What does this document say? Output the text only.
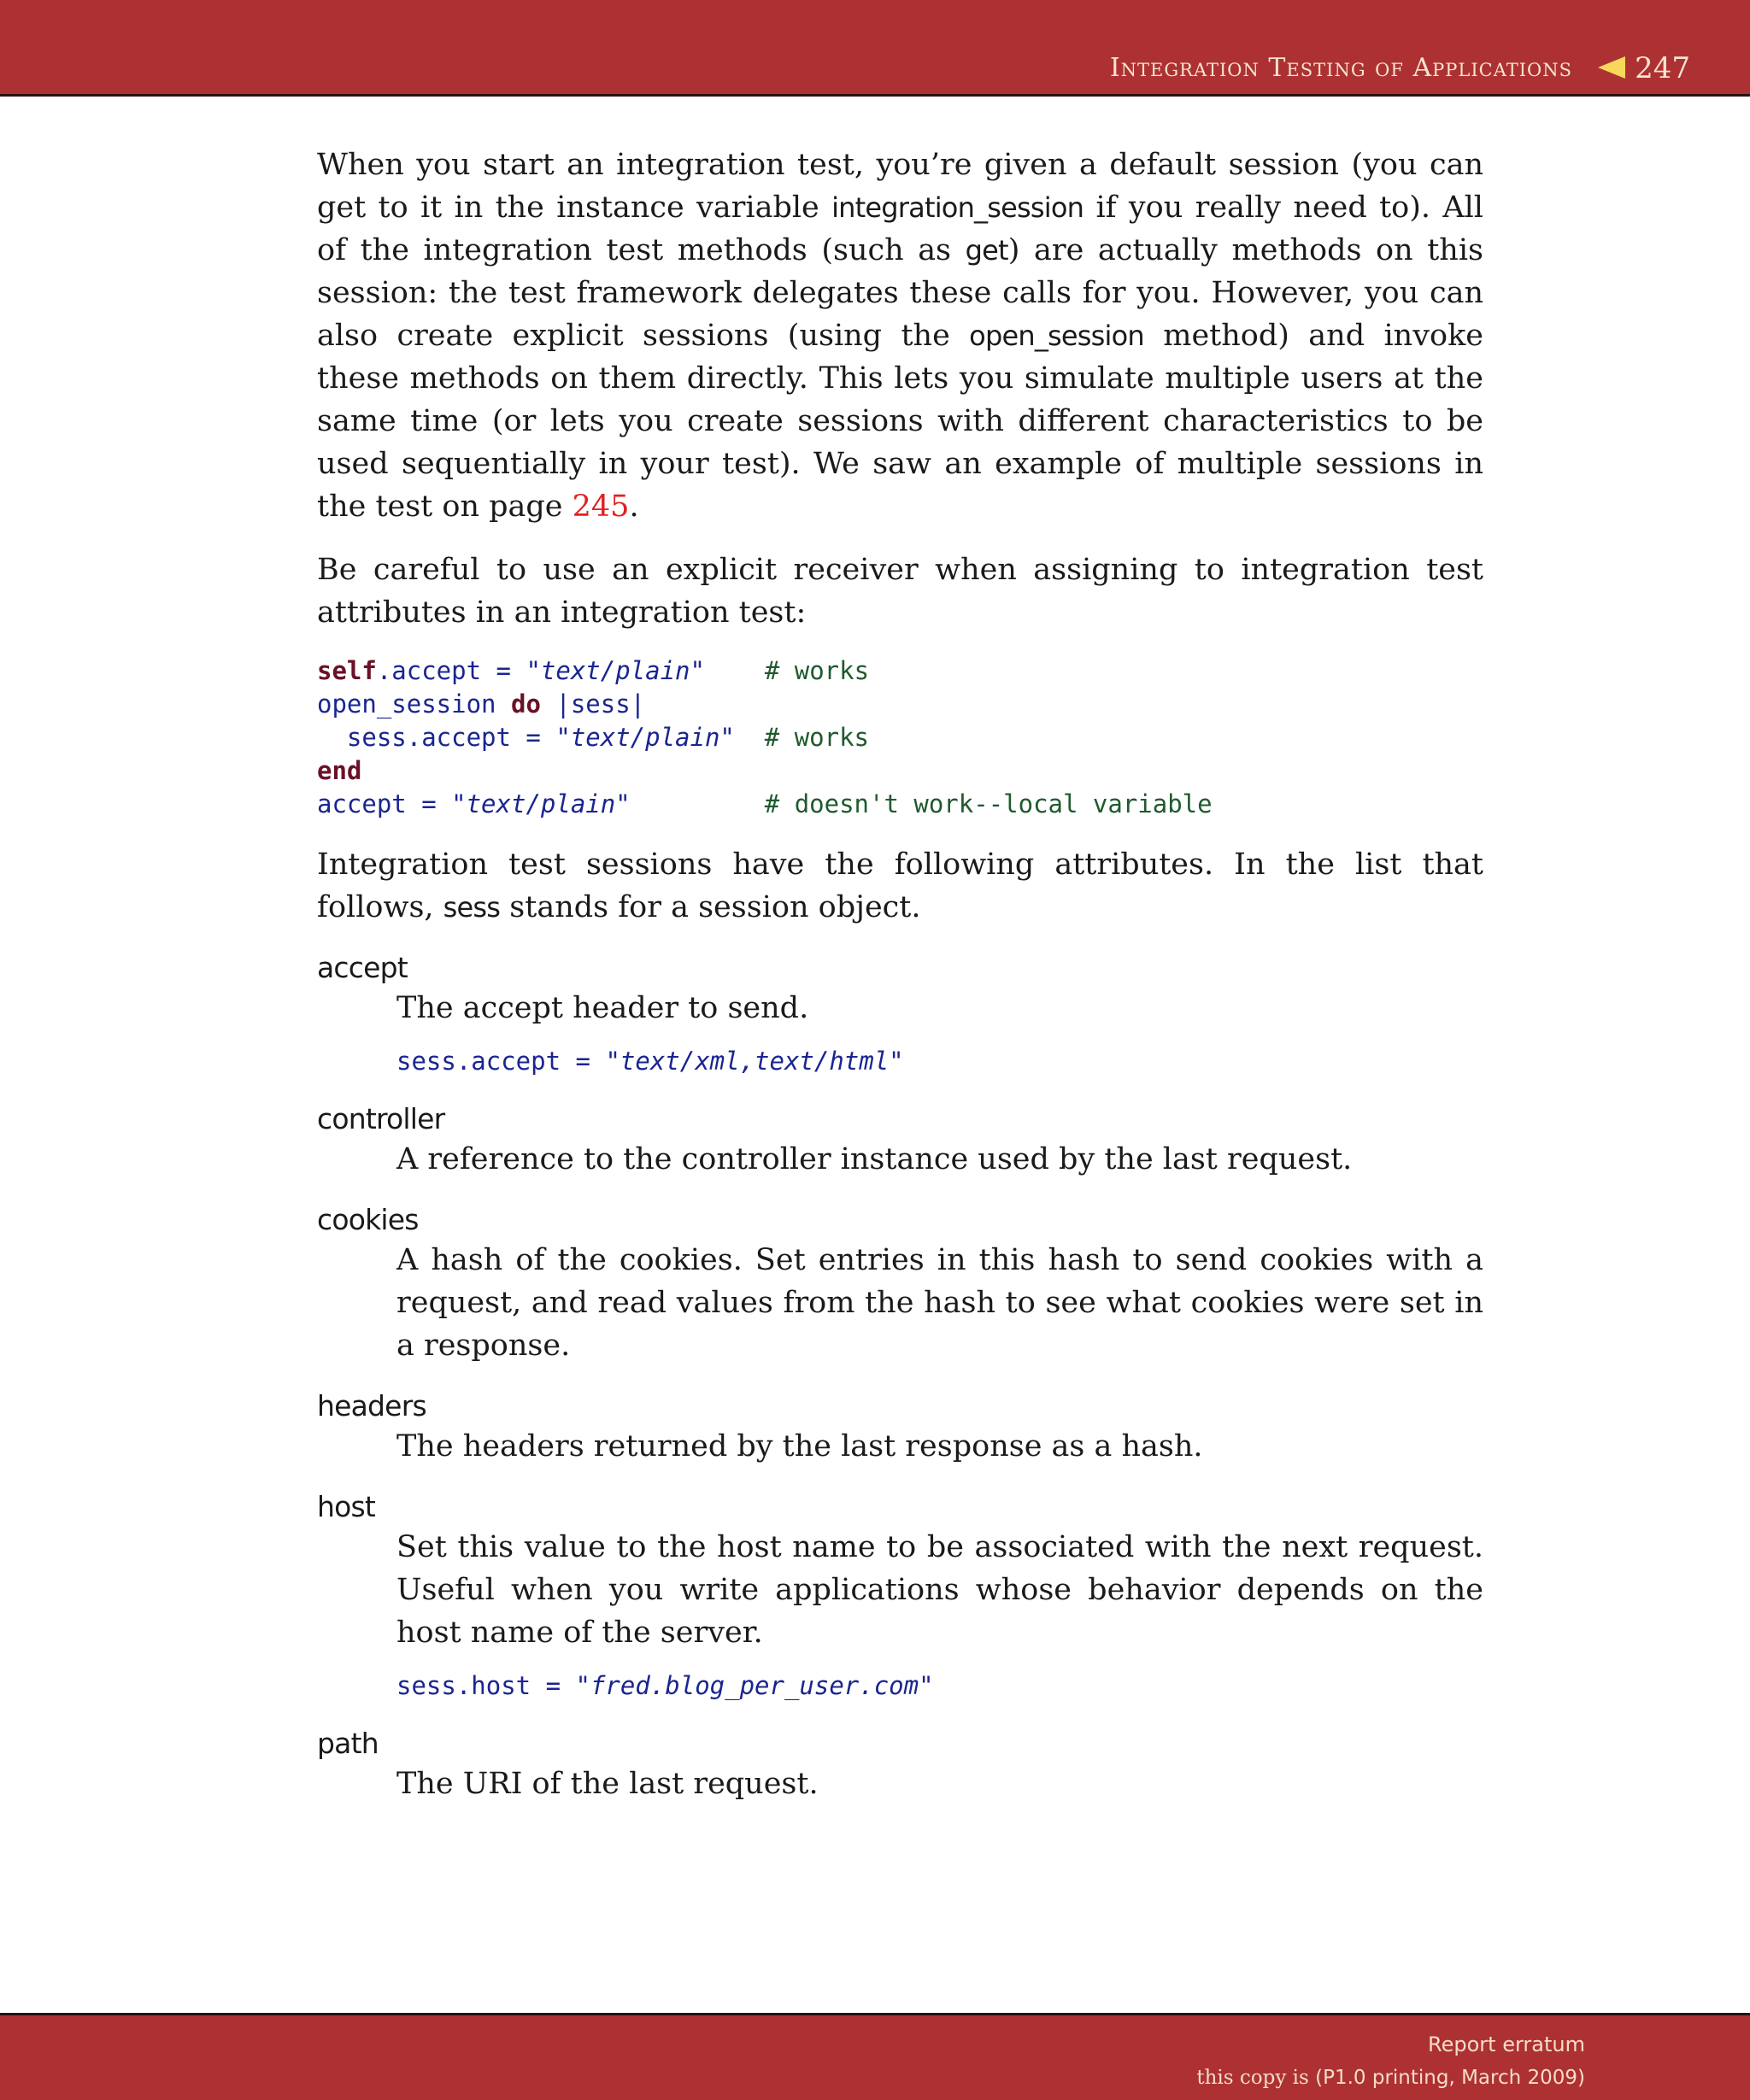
Integration Testing of Applications 247

When you start an integration test, you’re given a default session (you can get to it in the instance variable integration_session if you really need to). All of the integration test methods (such as get) are actually methods on this session: the test framework delegates these calls for you. However, you can also create explicit sessions (using the open_session method) and invoke these methods on them directly. This lets you simulate multiple users at the same time (or lets you create sessions with different characteristics to be used sequentially in your test). We saw an example of multiple sessions in the test on page 245.

Be careful to use an explicit receiver when assigning to integration test attributes in an integration test:

self.accept = "text/plain" # works
open_session do |sess|
sess.accept = "text/plain" # works
end
accept = "text/plain"	# doesn't work--local variable

Integration test sessions have the following attributes. In the list that follows, sess stands for a session object.

accept

The accept header to send.

sess.accept = "text/xml,text/html"
controller

A reference to the controller instance used by the last request.

cookies

A hash of the cookies. Set entries in this hash to send cookies with a request, and read values from the hash to see what cookies were set in a response.

headers

The headers returned by the last response as a hash.

host

Set this value to the host name to be associated with the next request. Useful when you write applications whose behavior depends on the host name of the server.

sess.host = "fred.blog_per_user.com"
path

The URI of the last request.

Report erratum
this copy is (P1.0 printing, March 2009)
